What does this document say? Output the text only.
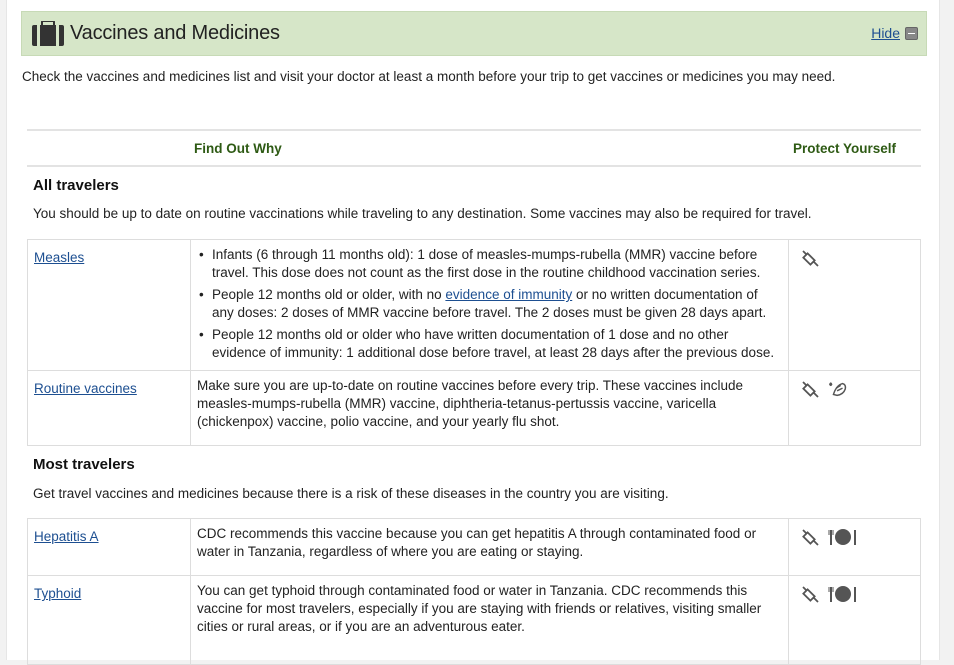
Vaccines and Medicines	Hide

Check the vaccines and medicines list and visit your doctor at least a month before your trip to get vaccines or medicines you may need.

Find Out Why	Protect Yourself
All travelers
You should be up to date on routine vaccinations while traveling to any destination. Some vaccines may also be required for travel.
Measles
•	Infants (6 through 11 months old): 1 dose of measles-mumps-rubella (MMR) vaccine before travel. This dose does not count as the first dose in the routine childhood vaccination series.
• People 12 months old or older, with no evidence of immunity or no written documentation of any doses: 2 doses of MMR vaccine before travel. The 2 doses must be given 28 days apart.
• People 12 months old or older who have written documentation of 1 dose and no other evidence of immunity: 1 additional dose before travel, at least 28 days after the previous dose.
Routine vaccines	Make sure you are up-to-date on routine vaccines before every trip. These vaccines include measles-mumps-rubella (MMR) vaccine, diphtheria-tetanus-pertussis vaccine, varicella (chickenpox) vaccine, polio vaccine, and your yearly flu shot.
Most travelers
Get travel vaccines and medicines because there is a risk of these diseases in the country you are visiting.
Hepatitis A	CDC recommends this vaccine because you can get hepatitis A through contaminated food or water in Tanzania, regardless of where you are eating or staying.
Typhoid	You can get typhoid through contaminated food or water in Tanzania. CDC recommends this vaccine for most travelers, especially if you are staying with friends or relatives, visiting smaller cities or rural areas, or if you are an adventurous eater.
